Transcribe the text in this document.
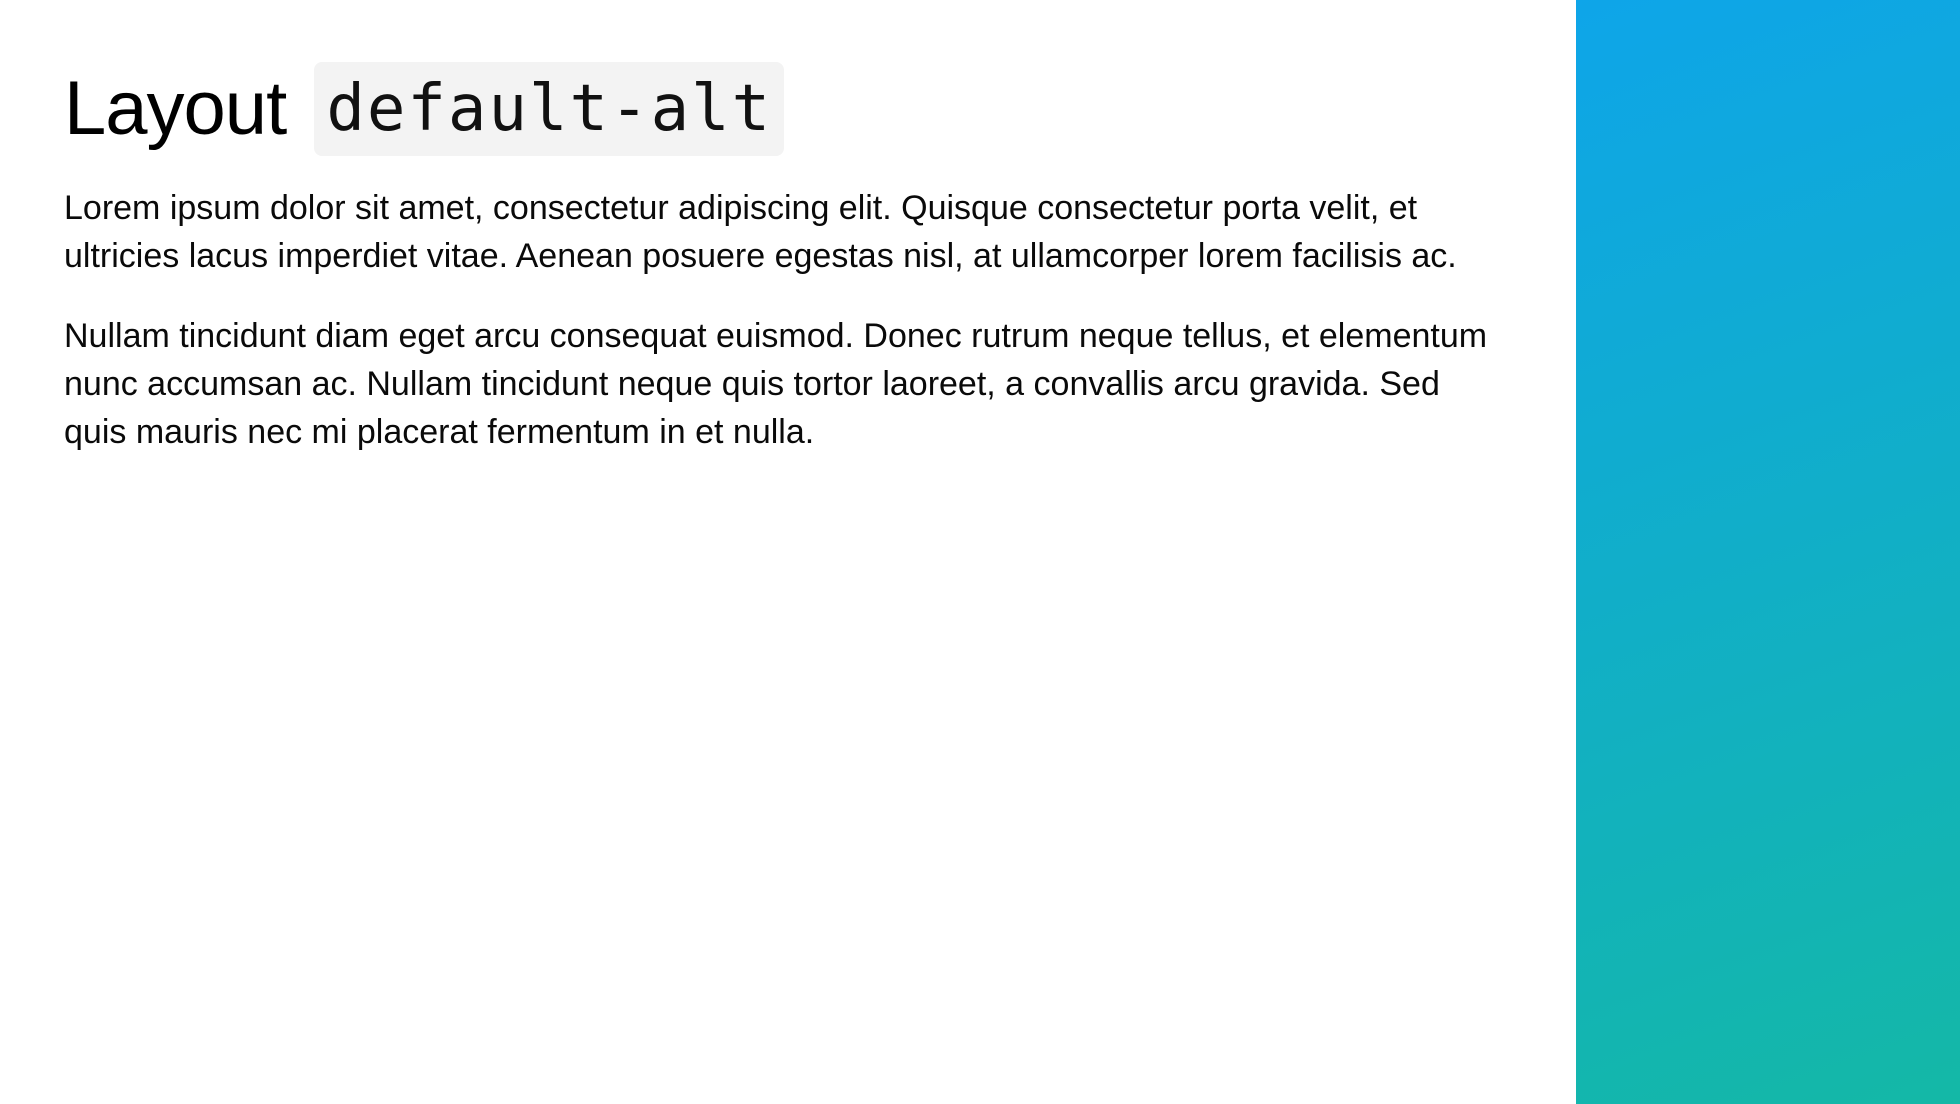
Layout default-alt

Lorem ipsum dolor sit amet, consectetur adipiscing elit. Quisque consectetur porta velit, et ultricies lacus imperdiet vitae. Aenean posuere egestas nisl, at ullamcorper lorem facilisis ac.

Nullam tincidunt diam eget arcu consequat euismod. Donec rutrum neque tellus, et elementum nunc accumsan ac. Nullam tincidunt neque quis tortor laoreet, a convallis arcu gravida. Sed quis mauris nec mi placerat fermentum in et nulla.
